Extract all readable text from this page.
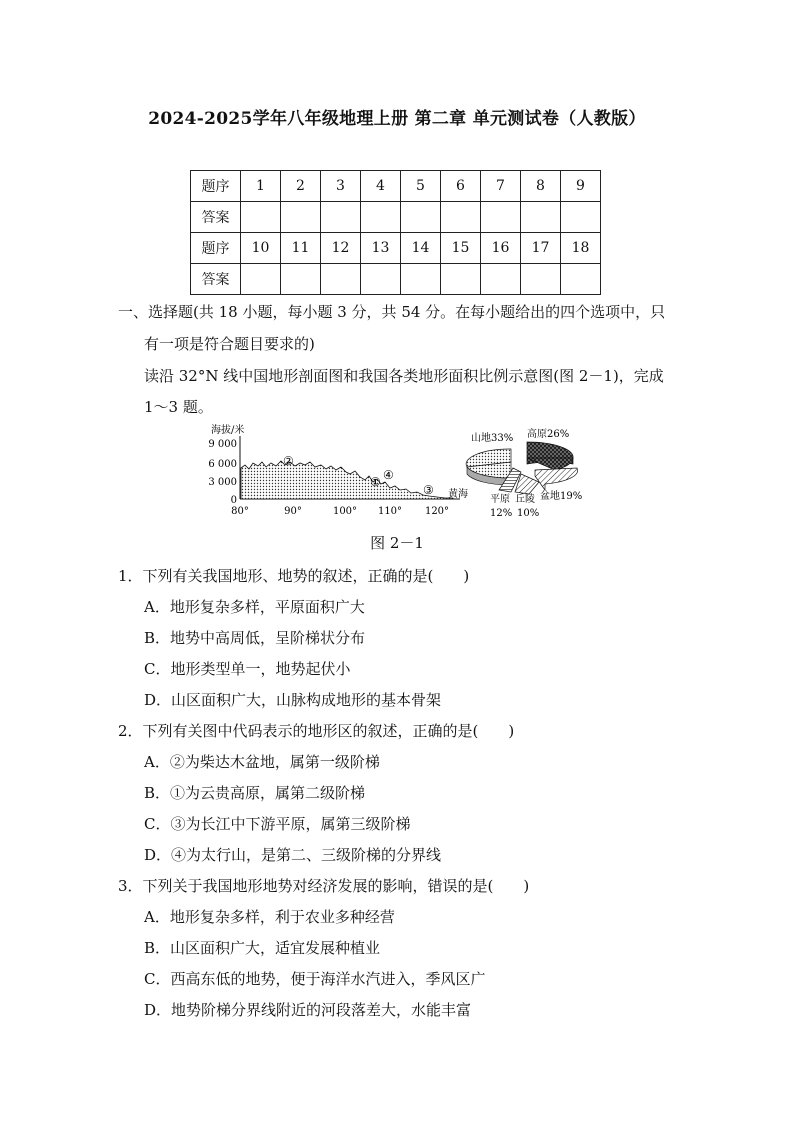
2024-2025学年八年级地理上册 第二章 单元测试卷（人教版）
题序	1	2	3	4	5	6	7	8	9
答案									
题序	10	11	12	13	14	15	16	17	18
答案									
一、选择题(共 18 小题，每小题 3 分，共 54 分。在每小题给出的四个选项中，只
有一项是符合题目要求的)
读沿 32°N 线中国地形剖面图和我国各类地形面积比例示意图(图 2－1)，完成
1～3 题。
海拔/米
9 000
6 000
3 000
0
②
① ④
③ 黄海
80°	90°	100° 110° 120°
山地33% 高原26%
盆地19%
丘陵
10%
平原
12%
图 2－1
1．下列有关我国地形、地势的叙述，正确的是(　　)
A．地形复杂多样，平原面积广大
B．地势中高周低，呈阶梯状分布
C．地形类型单一，地势起伏小
D．山区面积广大，山脉构成地形的基本骨架
2．下列有关图中代码表示的地形区的叙述，正确的是(　　)
A．②为柴达木盆地，属第一级阶梯
B．①为云贵高原，属第二级阶梯
C．③为长江中下游平原，属第三级阶梯
D．④为太行山，是第二、三级阶梯的分界线
3．下列关于我国地形地势对经济发展的影响，错误的是(　　)
A．地形复杂多样，利于农业多种经营
B．山区面积广大，适宜发展种植业
C．西高东低的地势，便于海洋水汽进入，季风区广
D．地势阶梯分界线附近的河段落差大，水能丰富
